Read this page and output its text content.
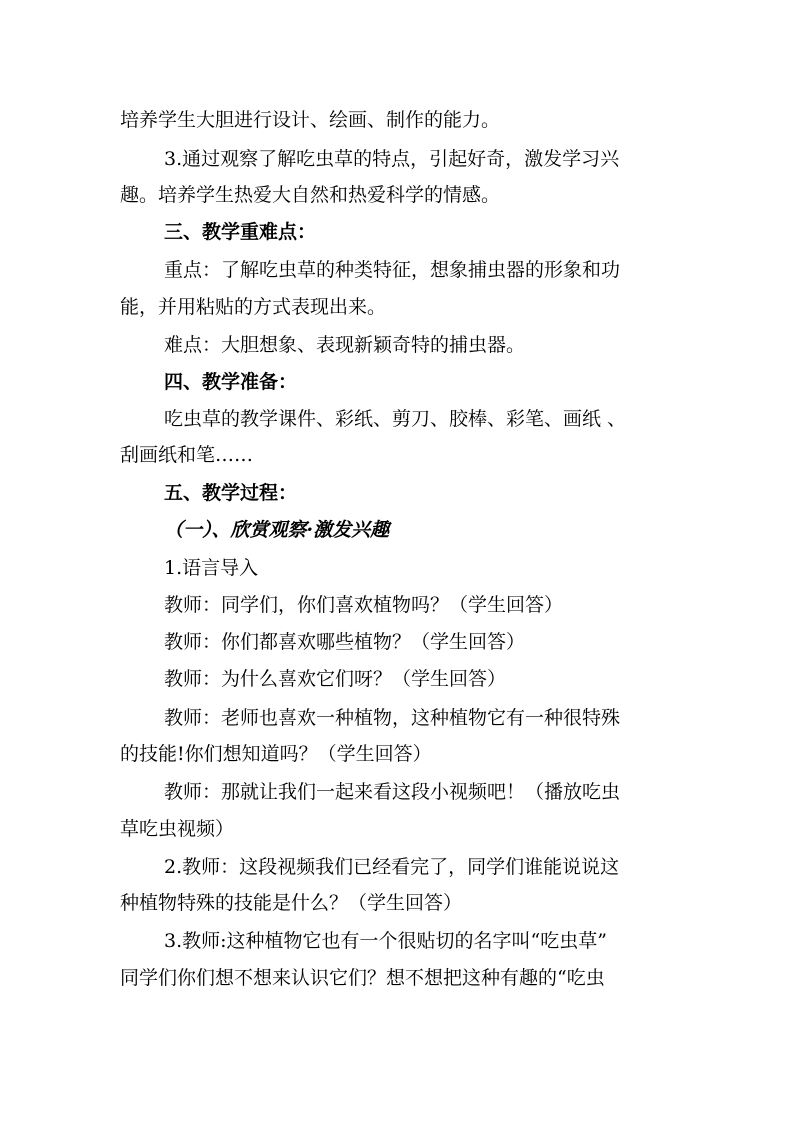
培养学生大胆进行设计、绘画、制作的能力。
3.通过观察了解吃虫草的特点，引起好奇，激发学习兴
趣。培养学生热爱大自然和热爱科学的情感。
三、教学重难点：
重点：了解吃虫草的种类特征，想象捕虫器的形象和功
能，并用粘贴的方式表现出来。
难点：大胆想象、表现新颖奇特的捕虫器。
四、教学准备：
吃虫草的教学课件、彩纸、剪刀、胶棒、彩笔、画纸 、
刮画纸和笔……
五、教学过程：
（一）、欣赏观察·激发兴趣
1.语言导入
教师：同学们，你们喜欢植物吗？（学生回答）
教师：你们都喜欢哪些植物？（学生回答）
教师：为什么喜欢它们呀？（学生回答）
教师：老师也喜欢一种植物，这种植物它有一种很特殊
的技能!你们想知道吗？（学生回答）
教师：那就让我们一起来看这段小视频吧！（播放吃虫
草吃虫视频）
2.教师：这段视频我们已经看完了，同学们谁能说说这
种植物特殊的技能是什么？（学生回答）
3.教师:这种植物它也有一个很贴切的名字叫“吃虫草”
同学们你们想不想来认识它们？想不想把这种有趣的“吃虫
